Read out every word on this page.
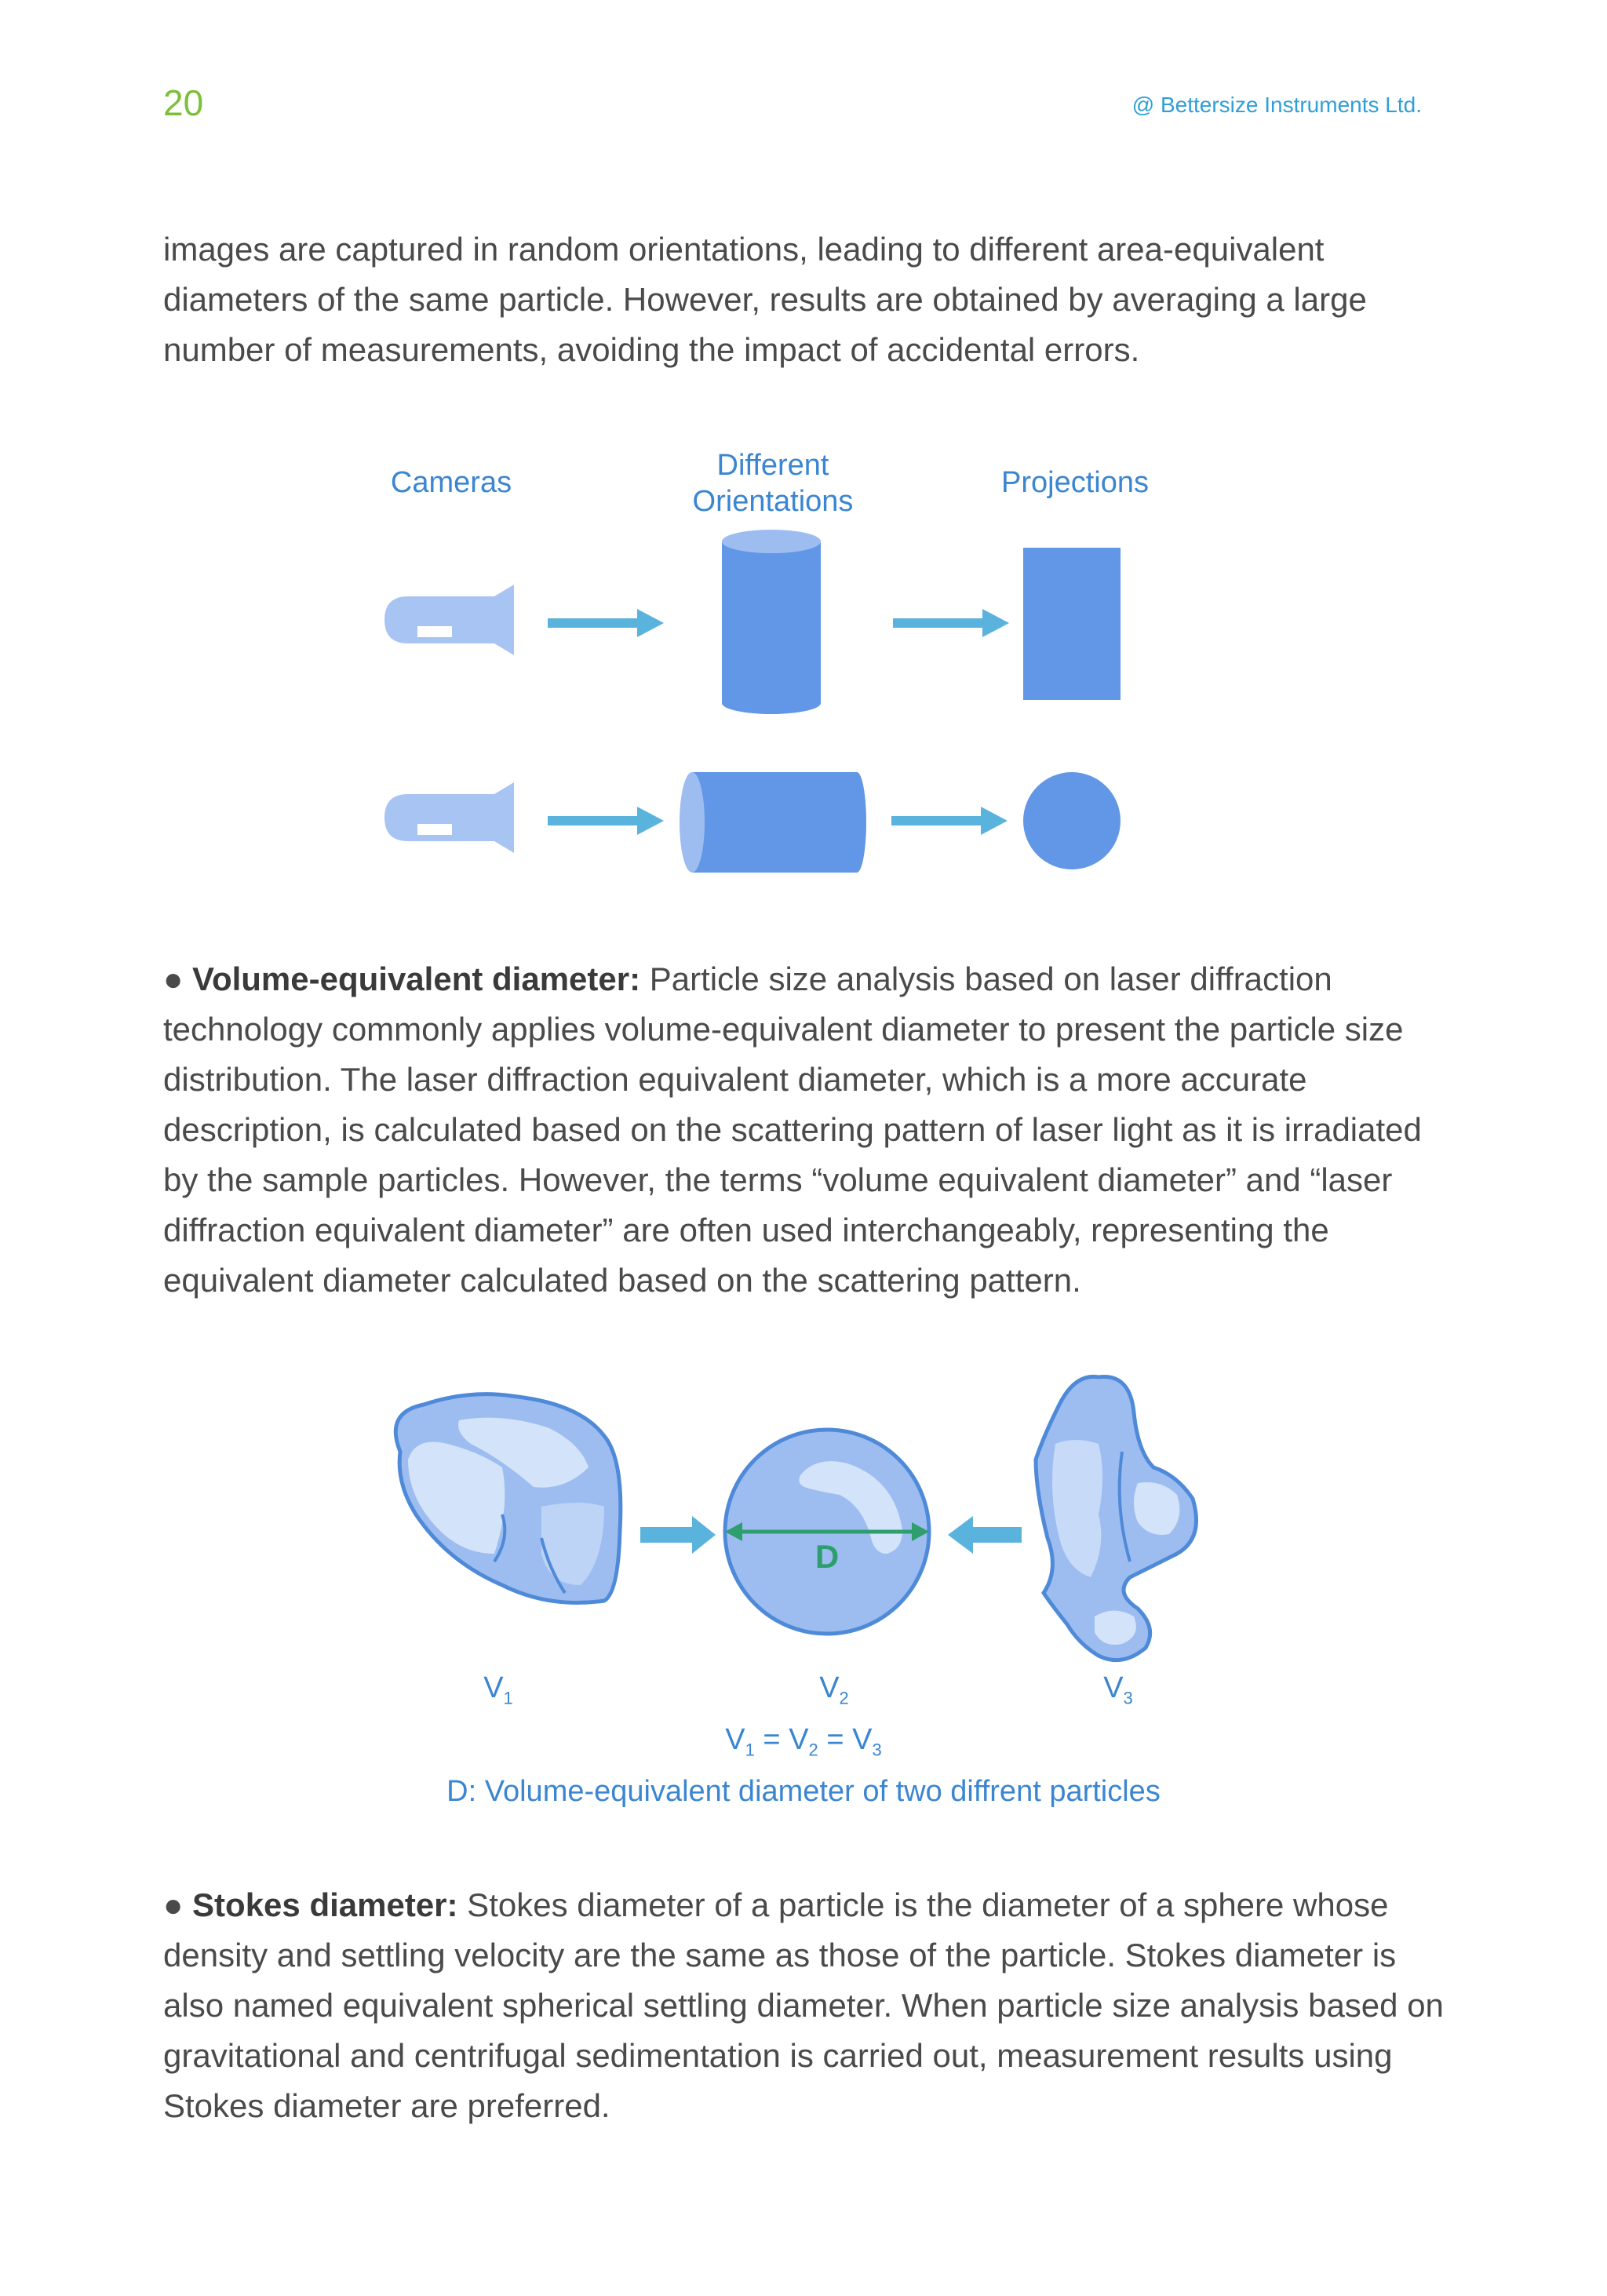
20	@ Bettersize Instruments Ltd.

images are captured in random orientations, leading to different area-equivalent diameters of the same particle. However, results are obtained by averaging a large number of measurements, avoiding the impact of accidental errors.

Cameras
Different Orientations
Projections

● Volume-equivalent diameter: Particle size analysis based on laser diffraction technology commonly applies volume-equivalent diameter to present the particle size distribution. The laser diffraction equivalent diameter, which is a more accurate description, is calculated based on the scattering pattern of laser light as it is irradiated by the sample particles. However, the terms “volume equivalent diameter” and “laser diffraction equivalent diameter” are often used interchangeably, representing the equivalent diameter calculated based on the scattering pattern.

D
$V_1$	$V_2$	$V_3$
$V_1 = V_2 = V_3$
D: Volume-equivalent diameter of two diffrent particles

● Stokes diameter: Stokes diameter of a particle is the diameter of a sphere whose density and settling velocity are the same as those of the particle. Stokes diameter is also named equivalent spherical settling diameter. When particle size analysis based on gravitational and centrifugal sedimentation is carried out, measurement results using Stokes diameter are preferred.
